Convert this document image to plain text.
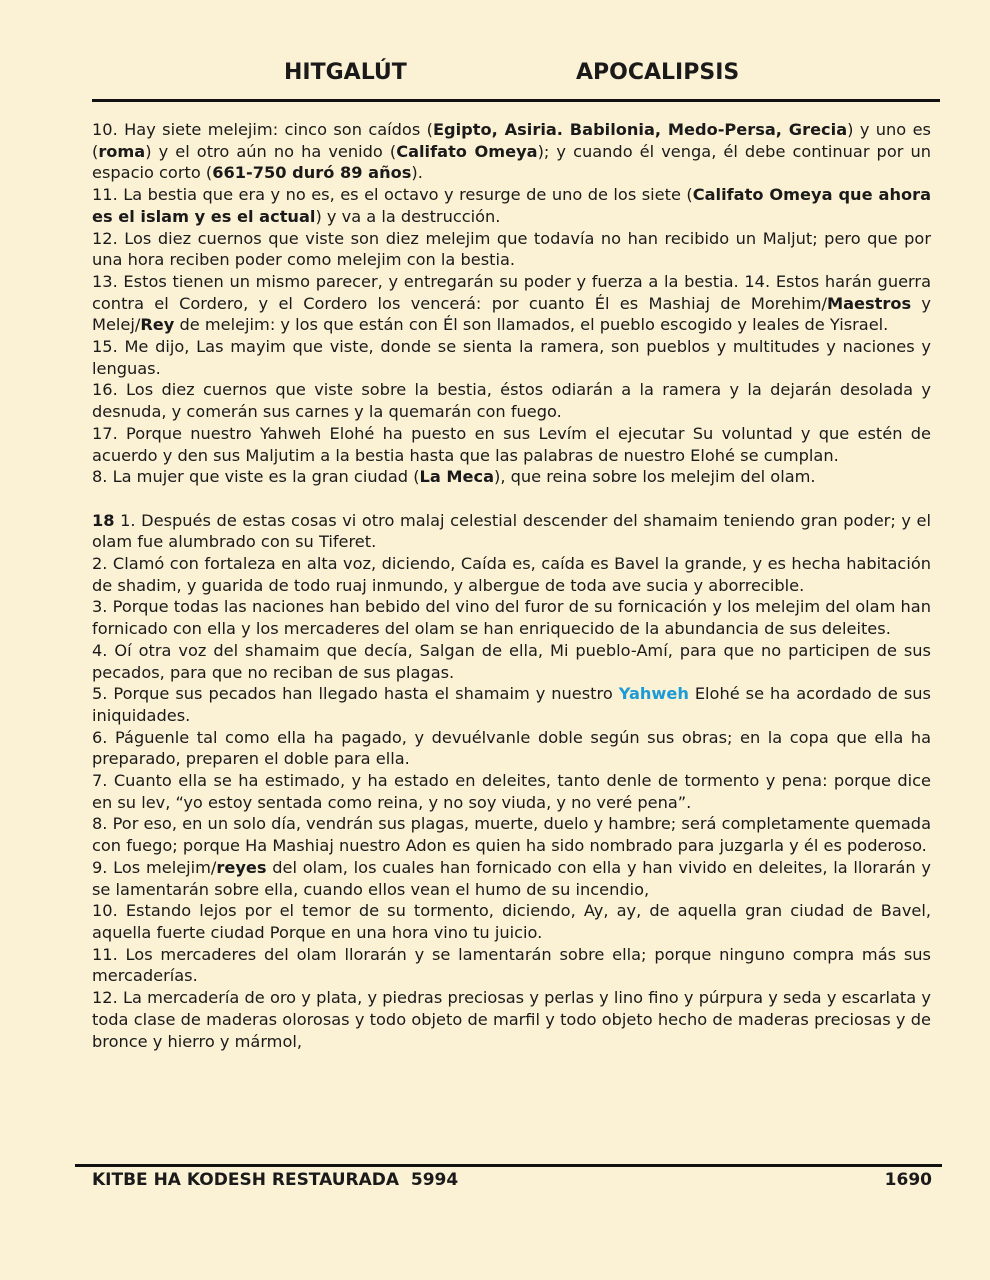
HITGALÚT	APOCALIPSIS

10. Hay siete melejim: cinco son caídos (Egipto, Asiria. Babilonia, Medo-Persa, Grecia) y uno es (roma) y el otro aún no ha venido (Califato Omeya); y cuando él venga, él debe continuar por un espacio corto (661-750 duró 89 años).

11. La bestia que era y no es, es el octavo y resurge de uno de los siete (Califato Omeya que ahora es el islam y es el actual) y va a la destrucción.

12. Los diez cuernos que viste son diez melejim que todavía no han recibido un Maljut; pero que por una hora reciben poder como melejim con la bestia.

13. Estos tienen un mismo parecer, y entregarán su poder y fuerza a la bestia. 14. Estos harán guerra contra el Cordero, y el Cordero los vencerá: por cuanto Él es Mashiaj de Morehim/Maestros y Melej/Rey de melejim: y los que están con Él son llamados, el pueblo escogido y leales de Yisrael.

15. Me dijo, Las mayim que viste, donde se sienta la ramera, son pueblos y multitudes y naciones y lenguas.

16. Los diez cuernos que viste sobre la bestia, éstos odiarán a la ramera y la dejarán desolada y desnuda, y comerán sus carnes y la quemarán con fuego.

17. Porque nuestro Yahweh Elohé ha puesto en sus Levím el ejecutar Su voluntad y que estén de acuerdo y den sus Maljutim a la bestia hasta que las palabras de nuestro Elohé se cumplan.

8. La mujer que viste es la gran ciudad (La Meca), que reina sobre los melejim del olam.

18 1. Después de estas cosas vi otro malaj celestial descender del shamaim teniendo gran poder; y el olam fue alumbrado con su Tiferet.

2. Clamó con fortaleza en alta voz, diciendo, Caída es, caída es Bavel la grande, y es hecha habitación de shadim, y guarida de todo ruaj inmundo, y albergue de toda ave sucia y aborrecible.

3. Porque todas las naciones han bebido del vino del furor de su fornicación y los melejim del olam han fornicado con ella y los mercaderes del olam se han enriquecido de la abundancia de sus deleites.

4. Oí otra voz del shamaim que decía, Salgan de ella, Mi pueblo-Amí, para que no participen de sus pecados, para que no reciban de sus plagas.

5. Porque sus pecados han llegado hasta el shamaim y nuestro Yahweh Elohé se ha acordado de sus iniquidades.

6. Páguenle tal como ella ha pagado, y devuélvanle doble según sus obras; en la copa que ella ha preparado, preparen el doble para ella.

7. Cuanto ella se ha estimado, y ha estado en deleites, tanto denle de tormento y pena: porque dice en su lev, “yo estoy sentada como reina, y no soy viuda, y no veré pena”.

8. Por eso, en un solo día, vendrán sus plagas, muerte, duelo y hambre; será completamente quemada con fuego; porque Ha Mashiaj nuestro Adon es quien ha sido nombrado para juzgarla y él es poderoso.

9. Los melejim/reyes del olam, los cuales han fornicado con ella y han vivido en deleites, la llorarán y se lamentarán sobre ella, cuando ellos vean el humo de su incendio,

10. Estando lejos por el temor de su tormento, diciendo, Ay, ay, de aquella gran ciudad de Bavel, aquella fuerte ciudad Porque en una hora vino tu juicio.

11. Los mercaderes del olam llorarán y se lamentarán sobre ella; porque ninguno compra más sus mercaderías.

12. La mercadería de oro y plata, y piedras preciosas y perlas y lino fino y púrpura y seda y escarlata y toda clase de maderas olorosas y todo objeto de marfil y todo objeto hecho de maderas preciosas y de bronce y hierro y mármol,

KITBE HA KODESH RESTAURADA  5994	1690
